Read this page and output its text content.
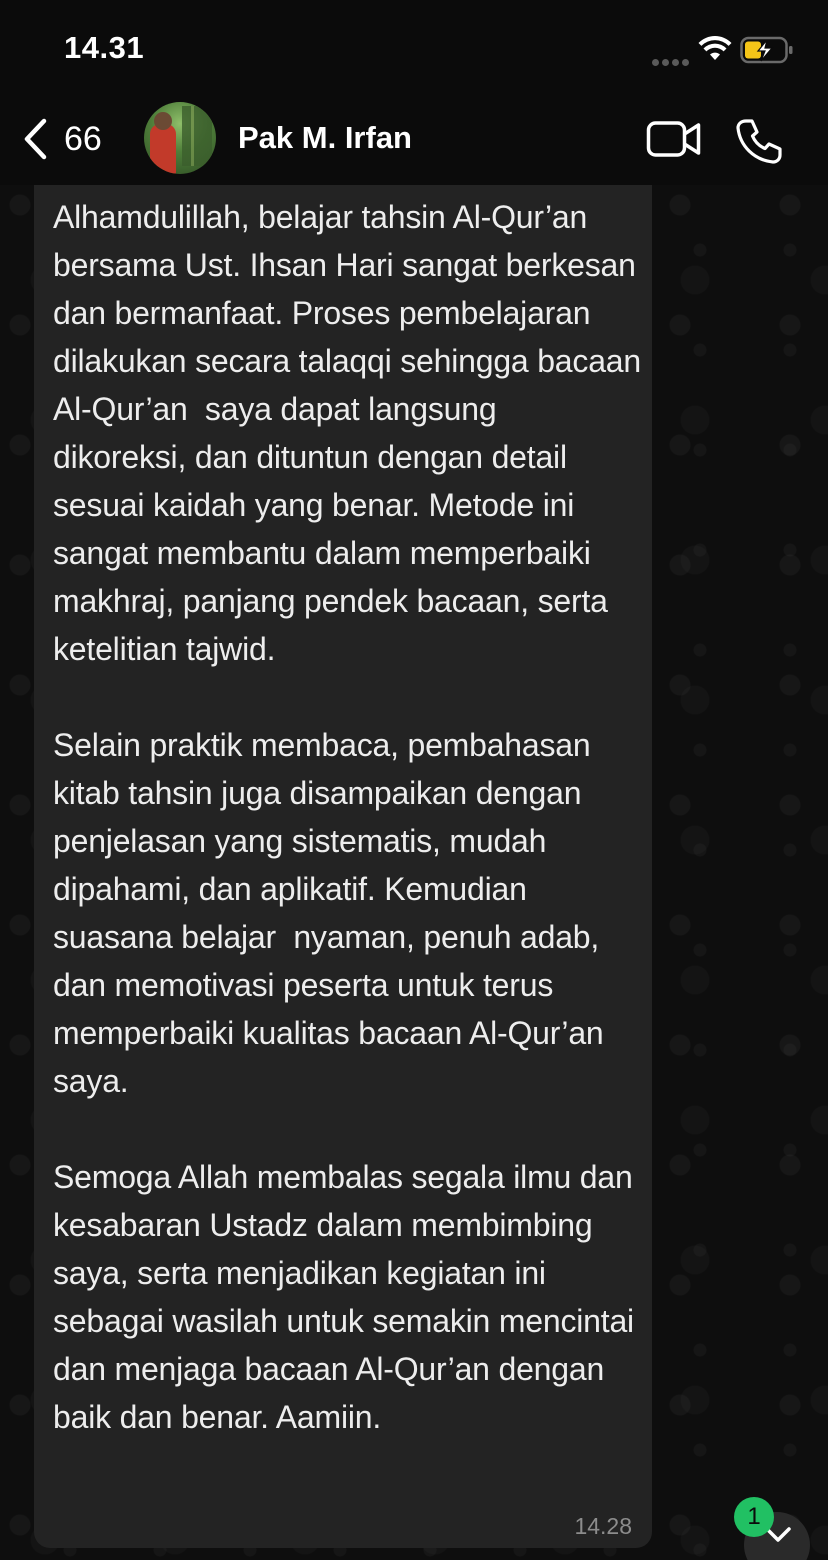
14.31
66	Pak M. Irfan
Alhamdulillah, belajar tahsin Al-Qur’an bersama Ust. Ihsan Hari sangat berkesan dan bermanfaat. Proses pembelajaran dilakukan secara talaqqi sehingga bacaan Al-Qur’an  saya dapat langsung  dikoreksi, dan dituntun dengan detail sesuai kaidah yang benar. Metode ini sangat membantu dalam memperbaiki makhraj, panjang pendek bacaan, serta ketelitian tajwid.

Selain praktik membaca, pembahasan kitab tahsin juga disampaikan dengan penjelasan yang sistematis, mudah dipahami, dan aplikatif. Kemudian suasana belajar  nyaman, penuh adab, dan memotivasi peserta untuk terus memperbaiki kualitas bacaan Al-Qur’an saya.

Semoga Allah membalas segala ilmu dan kesabaran Ustadz dalam membimbing saya, serta menjadikan kegiatan ini sebagai wasilah untuk semakin mencintai dan menjaga bacaan Al-Qur’an dengan baik dan benar. Aamiin.
14.28	1
